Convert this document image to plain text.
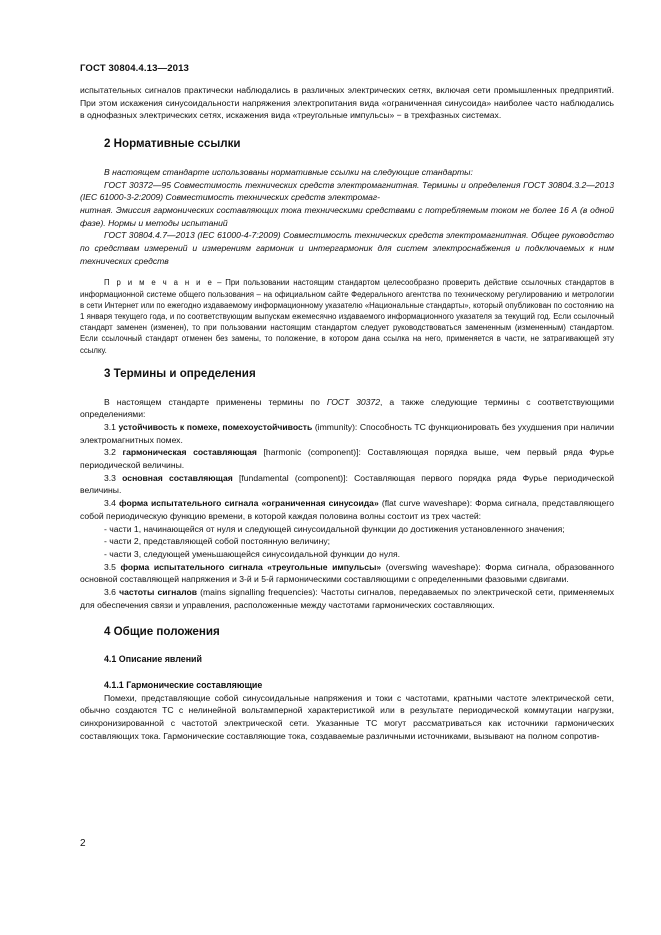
ГОСТ 30804.4.13—2013

испытательных сигналов практически наблюдались в различных электрических сетях, включая сети промышленных предприятий. При этом искажения синусоидальности напряжения электропитания вида «ограниченная синусоида» наиболее часто наблюдались в однофазных электрических сетях, искажения вида «треугольные импульсы» − в трехфазных системах.

2 Нормативные ссылки

В настоящем стандарте использованы нормативные ссылки на следующие стандарты:

ГОСТ 30372—95 Совместимость технических средств электромагнитная. Термины и определения ГОСТ 30804.3.2—2013 (IEC 61000-3-2:2009) Совместимость технических средств электромаг-

нитная. Эмиссия гармонических составляющих тока техническими средствами с потребляемым током не более 16 А (в одной фазе). Нормы и методы испытаний

ГОСТ 30804.4.7—2013 (IEC 61000-4-7:2009) Совместимость технических средств электромагнитная. Общее руководство по средствам измерений и измерениям гармоник и интергармоник для систем электроснабжения и подключаемых к ним технических средств

П р и м е ч а н и е – При пользовании настоящим стандартом целесообразно проверить действие ссылочных стандартов в информационной системе общего пользования – на официальном сайте Федерального агентства по техническому регулированию и метрологии в сети Интернет или по ежегодно издаваемому информационному указателю «Национальные стандарты», который опубликован по состоянию на 1 января текущего года, и по соответствующим выпускам ежемесячно издаваемого информационного указателя за текущий год. Если ссылочный стандарт заменен (изменен), то при пользовании настоящим стандартом следует руководствоваться замененным (измененным) стандартом. Если ссылочный стандарт отменен без замены, то положение, в котором дана ссылка на него, применяется в части, не затрагивающей эту ссылку.

3 Термины и определения

В настоящем стандарте применены термины по ГОСТ 30372, а также следующие термины с соответствующими определениями:

3.1 устойчивость к помехе, помехоустойчивость (immunity): Способность ТС функционировать без ухудшения при наличии электромагнитных помех.

3.2 гармоническая составляющая [harmonic (component)]: Составляющая порядка выше, чем первый ряда Фурье периодической величины.

3.3 основная составляющая [fundamental (component)]: Составляющая первого порядка ряда Фурье периодической величины.

3.4 форма испытательного сигнала «ограниченная синусоида» (flat curve waveshape): Форма сигнала, представляющего собой периодическую функцию времени, в которой каждая половина волны состоит из трех частей:

- части 1, начинающейся от нуля и следующей синусоидальной функции до достижения установленного значения;

- части 2, представляющей собой постоянную величину;

- части 3, следующей уменьшающейся синусоидальной функции до нуля.

3.5 форма испытательного сигнала «треугольные импульсы» (overswing waveshape): Форма сигнала, образованного основной составляющей напряжения и 3-й и 5-й гармоническими составляющими с определенными фазовыми сдвигами.

3.6 частоты сигналов (mains signalling frequencies): Частоты сигналов, передаваемых по электрической сети, применяемых для обеспечения связи и управления, расположенные между частотами гармонических составляющих.

4 Общие положения
4.1 Описание явлений
4.1.1 Гармонические составляющие

Помехи, представляющие собой синусоидальные напряжения и токи с частотами, кратными частоте электрической сети, обычно создаются ТС с нелинейной вольтамперной характеристикой или в результате периодической коммутации нагрузки, синхронизированной с частотой электрической сети. Указанные ТС могут рассматриваться как источники гармонических составляющих тока. Гармонические составляющие тока, создаваемые различными источниками, вызывают на полном сопротив-

2
